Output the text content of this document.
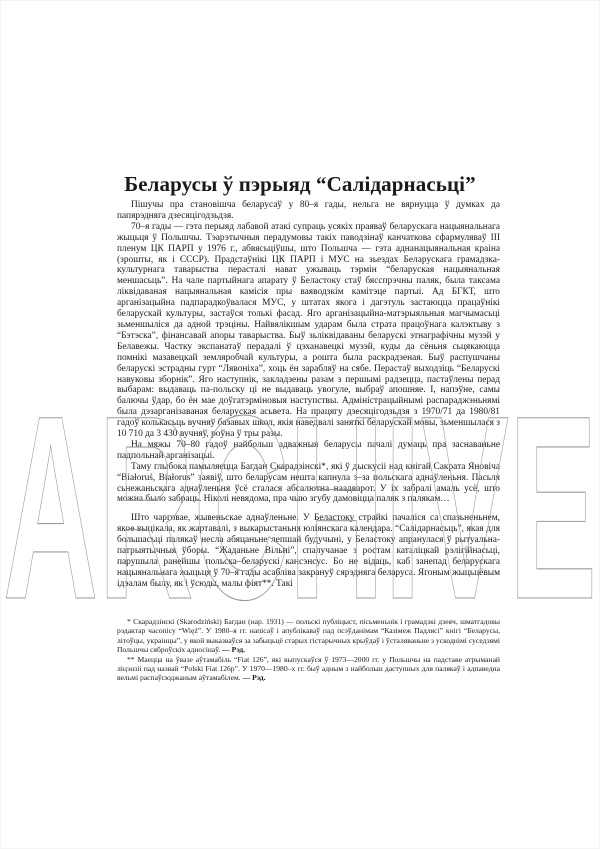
Беларусы ў пэрыяд “Салідарнасьці”

Пішучы пра становішча беларусаў у 80–я гады, нельга не вярнуцца ў думках да папярэдняга дзесяцігодзьдзя.

70–я гады — гэта перыяд лабавой атакі супраць усякіх праяваў беларускага нацыянальнага жыцьця ў Польшчы. Тэарэтычныя перадумовы такіх паводзінаў канчаткова сфармуляваў III пленум ЦК ПАРП у 1976 г., абвясьціўшы, што Польшча — гэта аднанацыянальная краіна (зрошты, як і СССР). Прадстаўнікі ЦК ПАРП і МУС на зьездах Беларускага грамадзка-культурнага таварыства перасталі нават ужываць тэрмін “беларуская нацыянальная меншасьць”. На чале партыйнага апарату ў Беластоку стаў бясспрэчны паляк, была таксама ліквідаваная нацыянальная камісія пры ваяводзкім камітэце партыі. Ад БГКТ, што арганізацыйна падпарадкоўвалася МУС, у штатах якога і дагэтуль застаюцца працаўнікі беларускай культуры, застаўся толькі фасад. Яго арганізацыйна-матэрыяльныя магчымасьці зьменшыліся да адной трэціны. Найвялікшым ударам была страта працоўнага калэктыву з “Бэтэска”, фінансавай апоры таварыства. Быў зьліквідаваны беларускі этнаграфічны музэй у Белавежы. Частку экспанатаў перадалі ў цэханавецкі музэй, куды да сёньня сьцякаюцца помнікі мазавецкай земляробчай культуры, а рошта была раскрадзеная. Быў распушчаны беларускі эстрадны гурт “Лявоніха”, хоць ён зарабляў на сябе. Перастаў выходзіць “Беларускі навуковы зборнік”. Яго наступнік, закладзены разам з першымі радзецца, пастаўлены перад выбарам: выдаваць па-польску ці не выдаваць увогуле, выбраў апошняе. І, напэўне, самы балючы ўдар, бо ён мае доўгатэрміновыя наступствы. Адміністрацыйнымі распараджэньнямі была дэзарганізаваная беларуская асьвета. На працягу дзесяцігодзьдзя з 1970/71 да 1980/81 гадоў колькасьць вучняў базавых школ, якія наведвалі заняткі беларускай мовы, зьменшылася з 10 710 да 3 430 вучняў, роўна ў тры разы.

На мяжы 70–80 гадоў найбольш адважныя беларусы пачалі думаць пра заснаваньне падпольнай арганізацыі.

Таму глыбока памыляецца Багдан Скарадзінскі*, які ў дыскусіі над кнігай Сакрата Яновіча “Białoruś, Białorus” заявіў, што беларусам нешта капнула з–за польскага аднаўленьня. Пасьля сьнежаньскага аднаўленьня ўсё сталася абсалютна наадварот. У іх забралі амаль усё, што можна было забраць. Ніколі невядома, пра чыю згубу дамовіцца паляк з палякам…

Што чарговае, жывеньскае аднаўленьне. У Беластоку страйкі пачаліся са спазьненьнем, якое выцікала, як жартавалі, з выкарыстаньня юліянскага календара. “Салідарнасьць”, якая для большасьці палякаў несла абяцаньне лепшай будучыні, у Беластоку апранулася ў рытуальна-патрыятычныя ўборы. “Жаданьне Вільні”, спалучанае з ростам каталіцкай рэлігійнасьці, парушыла ранейшы польска–беларускі кансэнсус. Бо не відаць, каб занепад беларускага нацыянальнага жыцьця ў 70–я гады асабліва закрануў сярэдняга беларуса. Ягоным жыцьцёвым ідэалам былу, як і ўсюды, малы фіят**. Такі

* Скарадзінскі (Skarodziński) Багдан (нар. 1931) — польскі публіцыст, пісьменьнік і грамадзкі дзеяч, шматгадовы рэдактар часопісу “Więź”. У 1980–я гг. напісаў і апублікаваў пад псэўданімам “Казімеж Падлясі” кнігі “Беларусы, літоўцы, украінцы”, у якой выказваўся за забыцьцё старых гістарычных крыўдаў і ўсталяваньне з ускоднімі суседзямі Польшчы сяброўскіх адносінаў. — Рэд.

** Маецца на ўвазе аўтамабіль “Fiat 126”, які выпускаўся ў 1973—2000 гг. у Польшчы на падставе атрыманай ліцэнзіі пад назвай “Polski Fiat 126p”. У 1970—1980–х гг. быў адным з найбольш даступных для палякаў і адпаведна вельмі распаўсюджаным аўтамабілем. — Рэд.

ARCHIVE
